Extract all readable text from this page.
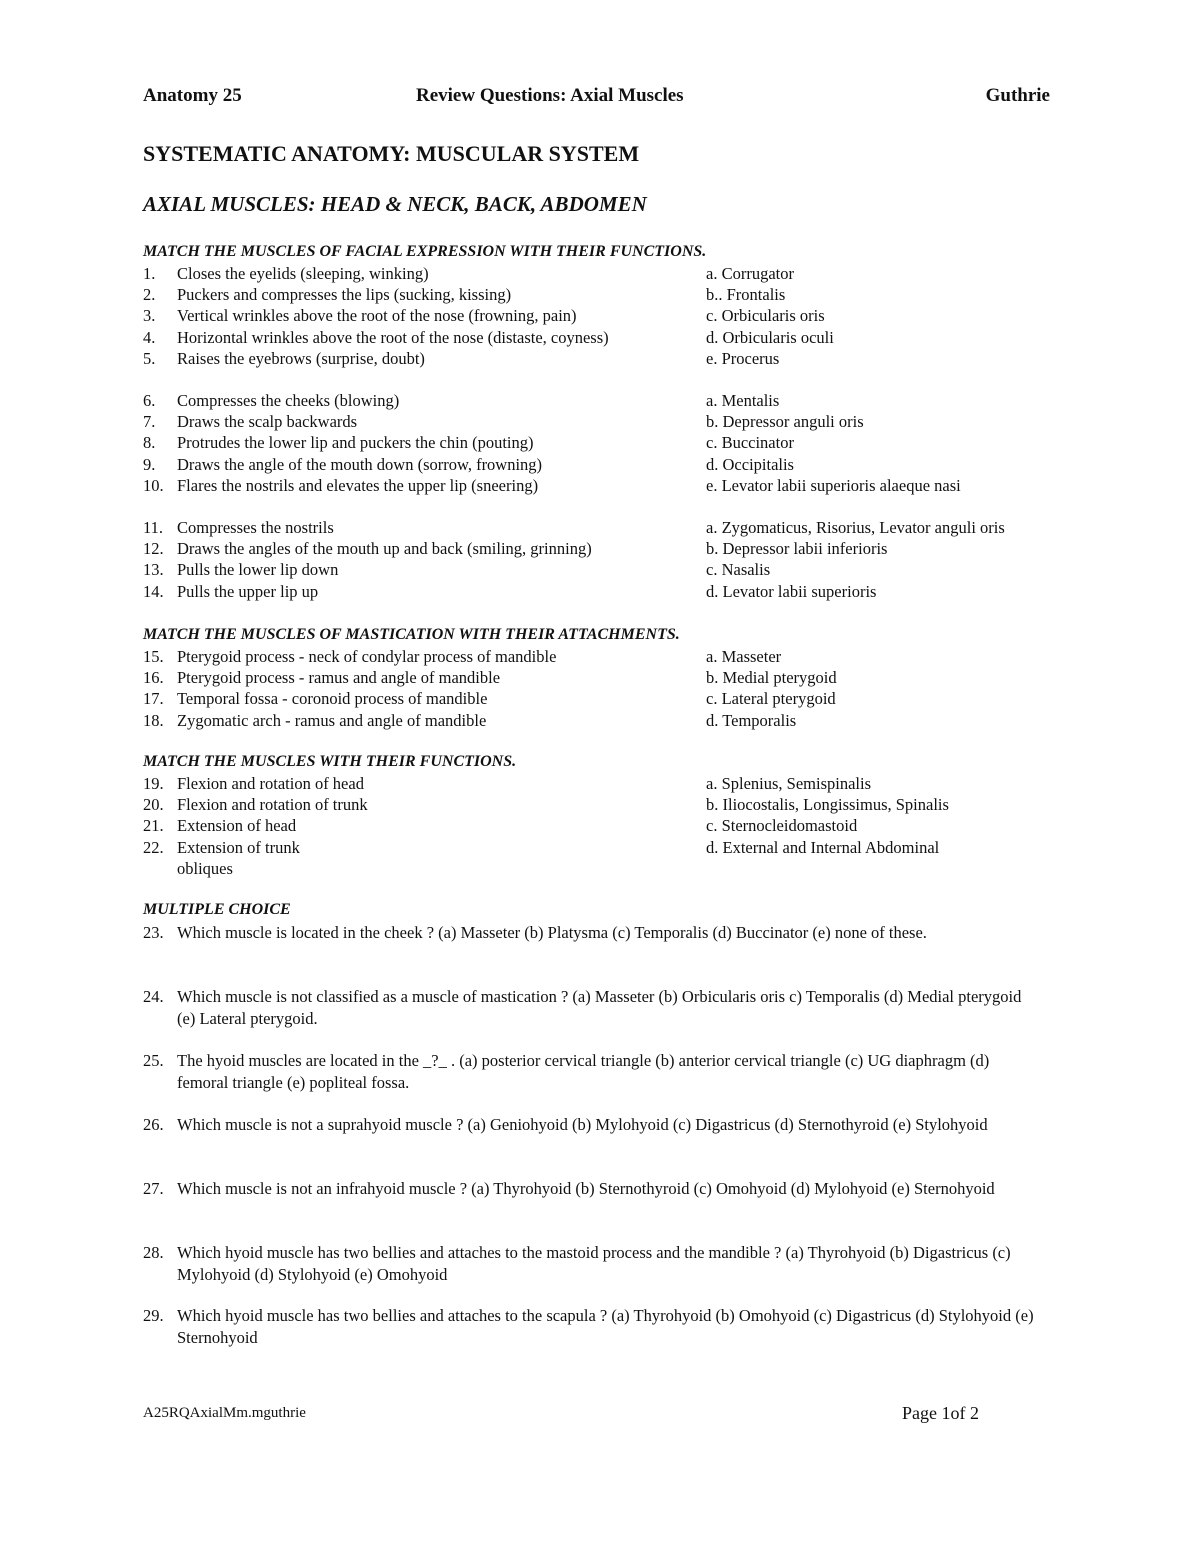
Anatomy 25	Review Questions: Axial Muscles	Guthrie
SYSTEMATIC ANATOMY: MUSCULAR SYSTEM
AXIAL MUSCLES: HEAD & NECK, BACK, ABDOMEN
MATCH THE MUSCLES OF FACIAL EXPRESSION WITH THEIR FUNCTIONS.
1. Closes the eyelids (sleeping, winking)	a. Corrugator
2. Puckers and compresses the lips (sucking, kissing)	b.. Frontalis
3. Vertical wrinkles above the root of the nose (frowning, pain)	c. Orbicularis oris
4. Horizontal wrinkles above the root of the nose (distaste, coyness)	d. Orbicularis oculi
5. Raises the eyebrows (surprise, doubt)	e. Procerus
6. Compresses the cheeks (blowing)	a. Mentalis
7. Draws the scalp backwards	b. Depressor anguli oris
8. Protrudes the lower lip and puckers the chin (pouting)	c. Buccinator
9. Draws the angle of the mouth down (sorrow, frowning)	d. Occipitalis
10. Flares the nostrils and elevates the upper lip (sneering)	e. Levator labii superioris alaeque nasi
11. Compresses the nostrils	a. Zygomaticus, Risorius, Levator anguli oris
12. Draws the angles of the mouth up and back (smiling, grinning)	b. Depressor labii inferioris
13. Pulls the lower lip down	c. Nasalis
14. Pulls the upper lip up	d. Levator labii superioris
MATCH THE MUSCLES OF MASTICATION WITH THEIR ATTACHMENTS.
15. Pterygoid process - neck of condylar process of mandible	a. Masseter
16. Pterygoid process - ramus and angle of mandible	b. Medial pterygoid
17. Temporal fossa - coronoid process of mandible	c. Lateral pterygoid
18. Zygomatic arch - ramus and angle of mandible	d. Temporalis
MATCH THE MUSCLES WITH THEIR FUNCTIONS.
19. Flexion and rotation of head	a. Splenius, Semispinalis
20. Flexion and rotation of trunk	b. Iliocostalis, Longissimus, Spinalis
21. Extension of head	c. Sternocleidomastoid
22. Extension of trunk	d. External and Internal Abdominal
obliques
MULTIPLE CHOICE
23. Which muscle is located in the cheek ? (a) Masseter (b) Platysma (c) Temporalis (d) Buccinator (e) none of these.
24. Which muscle is not classified as a muscle of mastication ? (a) Masseter (b) Orbicularis oris c) Temporalis (d) Medial pterygoid (e) Lateral pterygoid.
25. The hyoid muscles are located in the _?_ . (a) posterior cervical triangle (b) anterior cervical triangle (c) UG diaphragm (d) femoral triangle (e) popliteal fossa.
26. Which muscle is not a suprahyoid muscle ? (a) Geniohyoid (b) Mylohyoid (c) Digastricus (d) Sternothyroid (e) Stylohyoid
27. Which muscle is not an infrahyoid muscle ? (a) Thyrohyoid (b) Sternothyroid (c) Omohyoid (d) Mylohyoid (e) Sternohyoid
28. Which hyoid muscle has two bellies and attaches to the mastoid process and the mandible ? (a) Thyrohyoid (b) Digastricus (c) Mylohyoid (d) Stylohyoid (e) Omohyoid
29. Which hyoid muscle has two bellies and attaches to the scapula ? (a) Thyrohyoid (b) Omohyoid (c) Digastricus (d) Stylohyoid (e) Sternohyoid
A25RQAxialMm.mguthrie	Page 1of 2
